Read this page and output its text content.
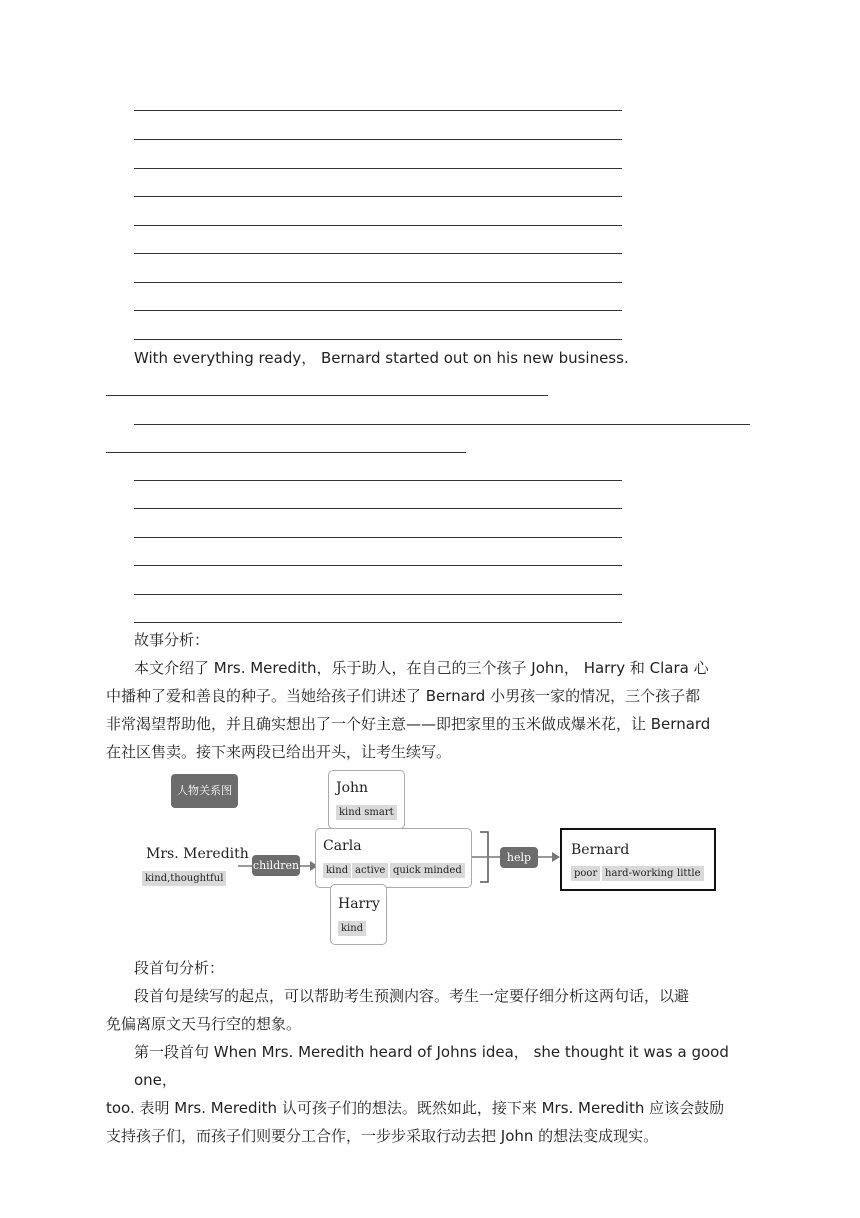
With everything ready， Bernard started out on his new business.
故事分析：
本文介绍了 Mrs. Meredith，乐于助人，在自己的三个孩子 John， Harry 和 Clara 心
中播种了爱和善良的种子。当她给孩子们讲述了 Bernard 小男孩一家的情况，三个孩子都
非常渴望帮助他，并且确实想出了一个好主意——即把家里的玉米做成爆米花，让 Bernard
在社区售卖。接下来两段已给出开头，让考生续写。
人物关系图
Mrs. Meredith
kind,thoughtful
children
John
kind smart
Carla
kind active quick minded
Harry
kind
help	Bernard
poor hard-working little
段首句分析：
段首句是续写的起点，可以帮助考生预测内容。考生一定要仔细分析这两句话，以避
免偏离原文天马行空的想象。
第一段首句 When Mrs. Meredith heard of Johns idea， she thought it was a good one，
too. 表明 Mrs. Meredith 认可孩子们的想法。既然如此，接下来 Mrs. Meredith 应该会鼓励
支持孩子们，而孩子们则要分工合作，一步步采取行动去把 John 的想法变成现实。
